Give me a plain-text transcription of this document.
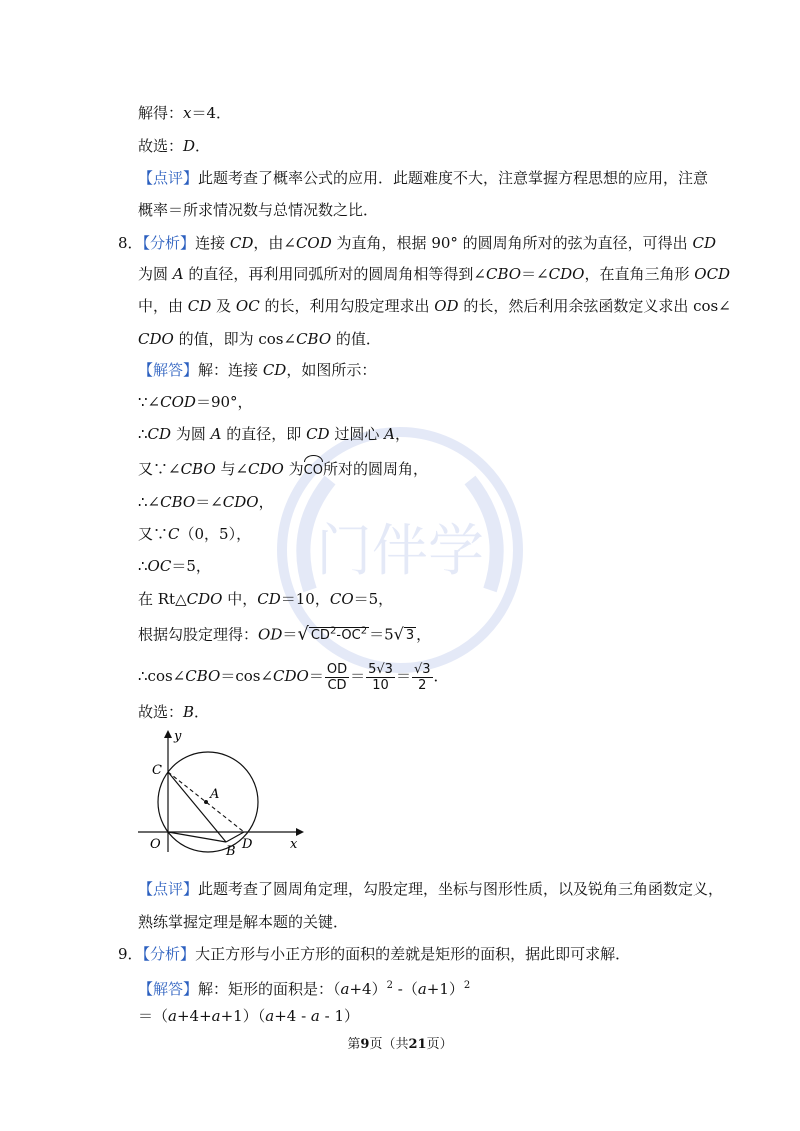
门伴学
解得：x＝4．
故选：D．
【点评】此题考查了概率公式的应用．此题难度不大，注意掌握方程思想的应用，注意
概率＝所求情况数与总情况数之比．
8．【分析】连接 CD，由∠COD 为直角，根据 90° 的圆周角所对的弦为直径，可得出 CD
为圆 A 的直径，再利用同弧所对的圆周角相等得到∠CBO＝∠CDO，在直角三角形 OCD
中，由 CD 及 OC 的长，利用勾股定理求出 OD 的长，然后利用余弦函数定义求出 cos∠
CDO 的值，即为 cos∠CBO 的值．
【解答】解：连接 CD，如图所示：
∵∠COD＝90°，
∴CD 为圆 A 的直径，即 CD 过圆心 A，
又∵∠CBO 与∠CDO 为CO所对的圆周角，
∴∠CBO＝∠CDO，
又∵C（0，5），
∴OC＝5，
在 Rt△CDO 中，CD＝10，CO＝5，
根据勾股定理得：OD＝√ $CD^2-OC^2 =5√$ 3 ，
∴cos∠CBO＝cos∠CDO＝ $\frac{OD}{CD} = \frac{5√3}{10} = \frac{√3}{2}$ ．
故选：B．
y
x
C
A
O	B D
【点评】此题考查了圆周角定理，勾股定理，坐标与图形性质，以及锐角三角函数定义，
熟练掌握定理是解本题的关键．
9．【分析】大正方形与小正方形的面积的差就是矩形的面积，据此即可求解．
【解答】解：矩形的面积是：$(a+4)^2$ $-(a+1)^2$
＝（a+4+a+1）（a+4 - a - 1）
第9页（共21页）
